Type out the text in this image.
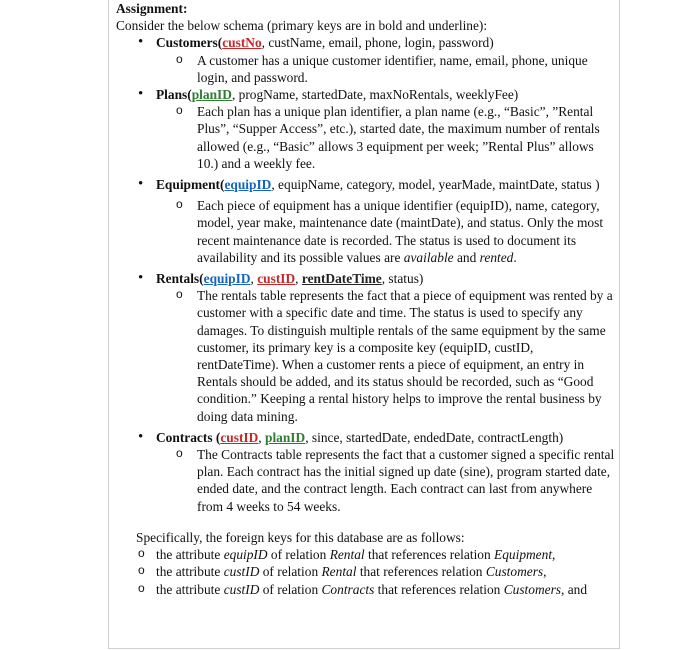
Assignment:

Consider the below schema (primary keys are in bold and underline):

• Customers(custNo, custName, email, phone, login, password)
o A customer has a unique customer identifier, name, email, phone, unique login, and password.
• Plans(planID, progName, startedDate, maxNoRentals, weeklyFee)
o Each plan has a unique plan identifier, a plan name (e.g., “Basic”, ”Rental Plus”, “Supper Access”, etc.), started date, the maximum number of rentals allowed (e.g., “Basic” allows 3 equipment per week; ”Rental Plus” allows 10.) and a weekly fee.
• Equipment(equipID, equipName, category, model, yearMade, maintDate, status )
o Each piece of equipment has a unique identifier (equipID), name, category, model, year make, maintenance date (maintDate), and status. Only the most recent maintenance date is recorded. The status is used to document its availability and its possible values are available and rented.
• Rentals(equipID, custID, rentDateTime, status)
o The rentals table represents the fact that a piece of equipment was rented by a customer with a specific date and time. The status is used to specify any damages. To distinguish multiple rentals of the same equipment by the same customer, its primary key is a composite key (equipID, custID, rentDateTime). When a customer rents a piece of equipment, an entry in Rentals should be added, and its status should be recorded, such as “Good condition.” Keeping a rental history helps to improve the rental business by doing data mining.
• Contracts (custID, planID, since, startedDate, endedDate, contractLength)
o The Contracts table represents the fact that a customer signed a specific rental plan. Each contract has the initial signed up date (sine), program started date, ended date, and the contract length. Each contract can last from anywhere from 4 weeks to 54 weeks.

Specifically, the foreign keys for this database are as follows:

o the attribute equipID of relation Rental that references relation Equipment,
o the attribute custID of relation Rental that references relation Customers,
o the attribute custID of relation Contracts that references relation Customers, and
